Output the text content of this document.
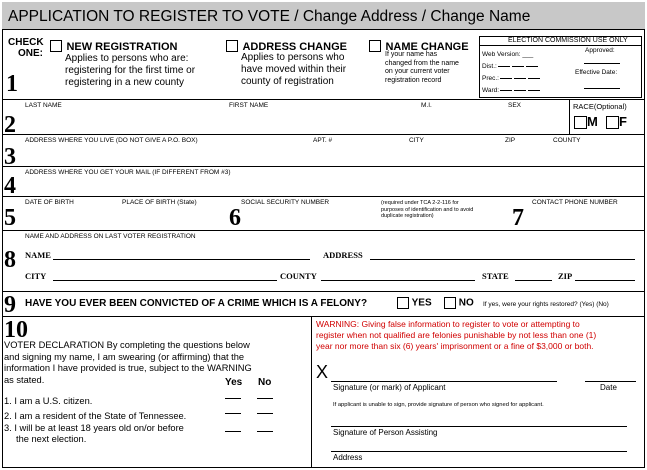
APPLICATION TO REGISTER TO VOTE / Change Address / Change Name
CHECK
ONE:
1
NEW REGISTRATION
Applies to persons who are:
registering for the first time or
registering in a new county
ADDRESS CHANGE
Applies to persons who
have moved within their
county of registration
NAME CHANGE
If your name has
changed from the name
on your current voter
registration record
ELECTION COMMISSION USE ONLY
Web Version: ___
Dist.:
Prec.:
Ward:
Approved:
Effective Date:
LAST NAME	FIRST NAME	M.I.	SEX
2
RACE(Optional)
M	F
ADDRESS WHERE YOU LIVE (DO NOT GIVE A P.O. BOX)	APT. #	CITY	ZIP	COUNTY
3
ADDRESS WHERE YOU GET YOUR MAIL (IF DIFFERENT FROM #3)
4
DATE OF BIRTH	PLACE OF BIRTH (State)	SOCIAL SECURITY NUMBER	(required under TCA 2-2-116 for
purposes of identification and to avoid
duplicate registration)
CONTACT PHONE NUMBER
5	6	7
NAME AND ADDRESS ON LAST VOTER REGISTRATION
8 NAME	ADDRESS
CITY	COUNTY	STATE	ZIP
9 HAVE YOU EVER BEEN CONVICTED OF A CRIME WHICH IS A FELONY?	YES	NO If yes, were your rights restored? (Yes) (No)
10
VOTER DECLARATION By completing the questions below
and signing my name, I am swearing (or affirming) that the
information I have provided is true, subject to the WARNING
as stated.	Yes No
1. I am a U.S. citizen.
2. I am a resident of the State of Tennessee.
3. I will be at least 18 years old on/or before
the next election.
WARNING: Giving false information to register to vote or attempting to
register when not qualified are felonies punishable by not less than one (1)
year nor more than six (6) years' imprisonment or a fine of $3,000 or both.
X
Signature (or mark) of Applicant	Date
If applicant is unable to sign, provide signature of person who signed for applicant.
Signature of Person Assisting
Address
